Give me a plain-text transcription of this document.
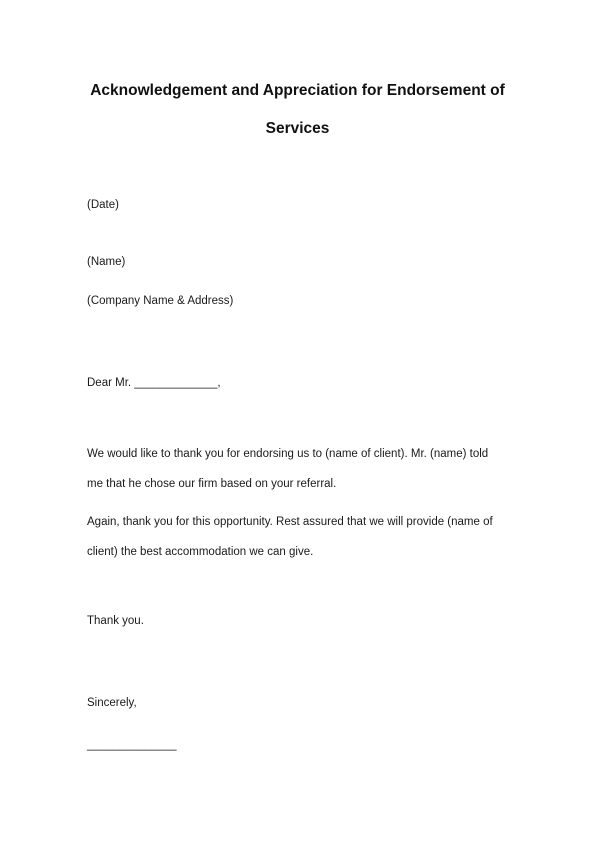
Acknowledgement and Appreciation for Endorsement of
Services
(Date)
(Name)
(Company Name & Address)
Dear Mr. _____________,
We would like to thank you for endorsing us to (name of client). Mr. (name) told
me that he chose our firm based on your referral.
Again, thank you for this opportunity. Rest assured that we will provide (name of
client) the best accommodation we can give.
Thank you.
Sincerely,
______________
